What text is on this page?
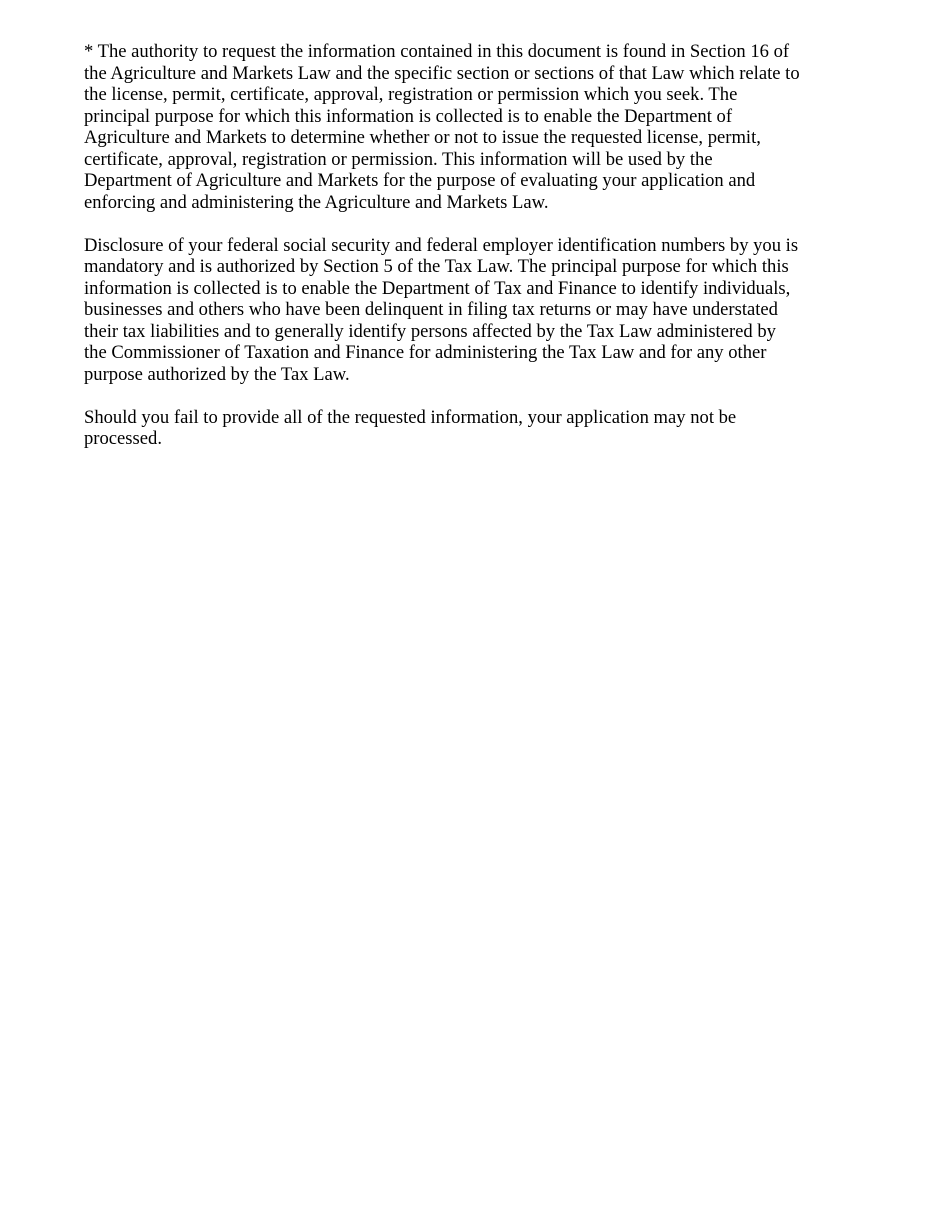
* The authority to request the information contained in this document is found in Section 16 of
the Agriculture and Markets Law and the specific section or sections of that Law which relate to
the license, permit, certificate, approval, registration or permission which you seek. The
principal purpose for which this information is collected is to enable the Department of
Agriculture and Markets to determine whether or not to issue the requested license, permit,
certificate, approval, registration or permission. This information will be used by the
Department of Agriculture and Markets for the purpose of evaluating your application and
enforcing and administering the Agriculture and Markets Law.
Disclosure of your federal social security and federal employer identification numbers by you is
mandatory and is authorized by Section 5 of the Tax Law. The principal purpose for which this
information is collected is to enable the Department of Tax and Finance to identify individuals,
businesses and others who have been delinquent in filing tax returns or may have understated
their tax liabilities and to generally identify persons affected by the Tax Law administered by
the Commissioner of Taxation and Finance for administering the Tax Law and for any other
purpose authorized by the Tax Law.
Should you fail to provide all of the requested information, your application may not be
processed.
